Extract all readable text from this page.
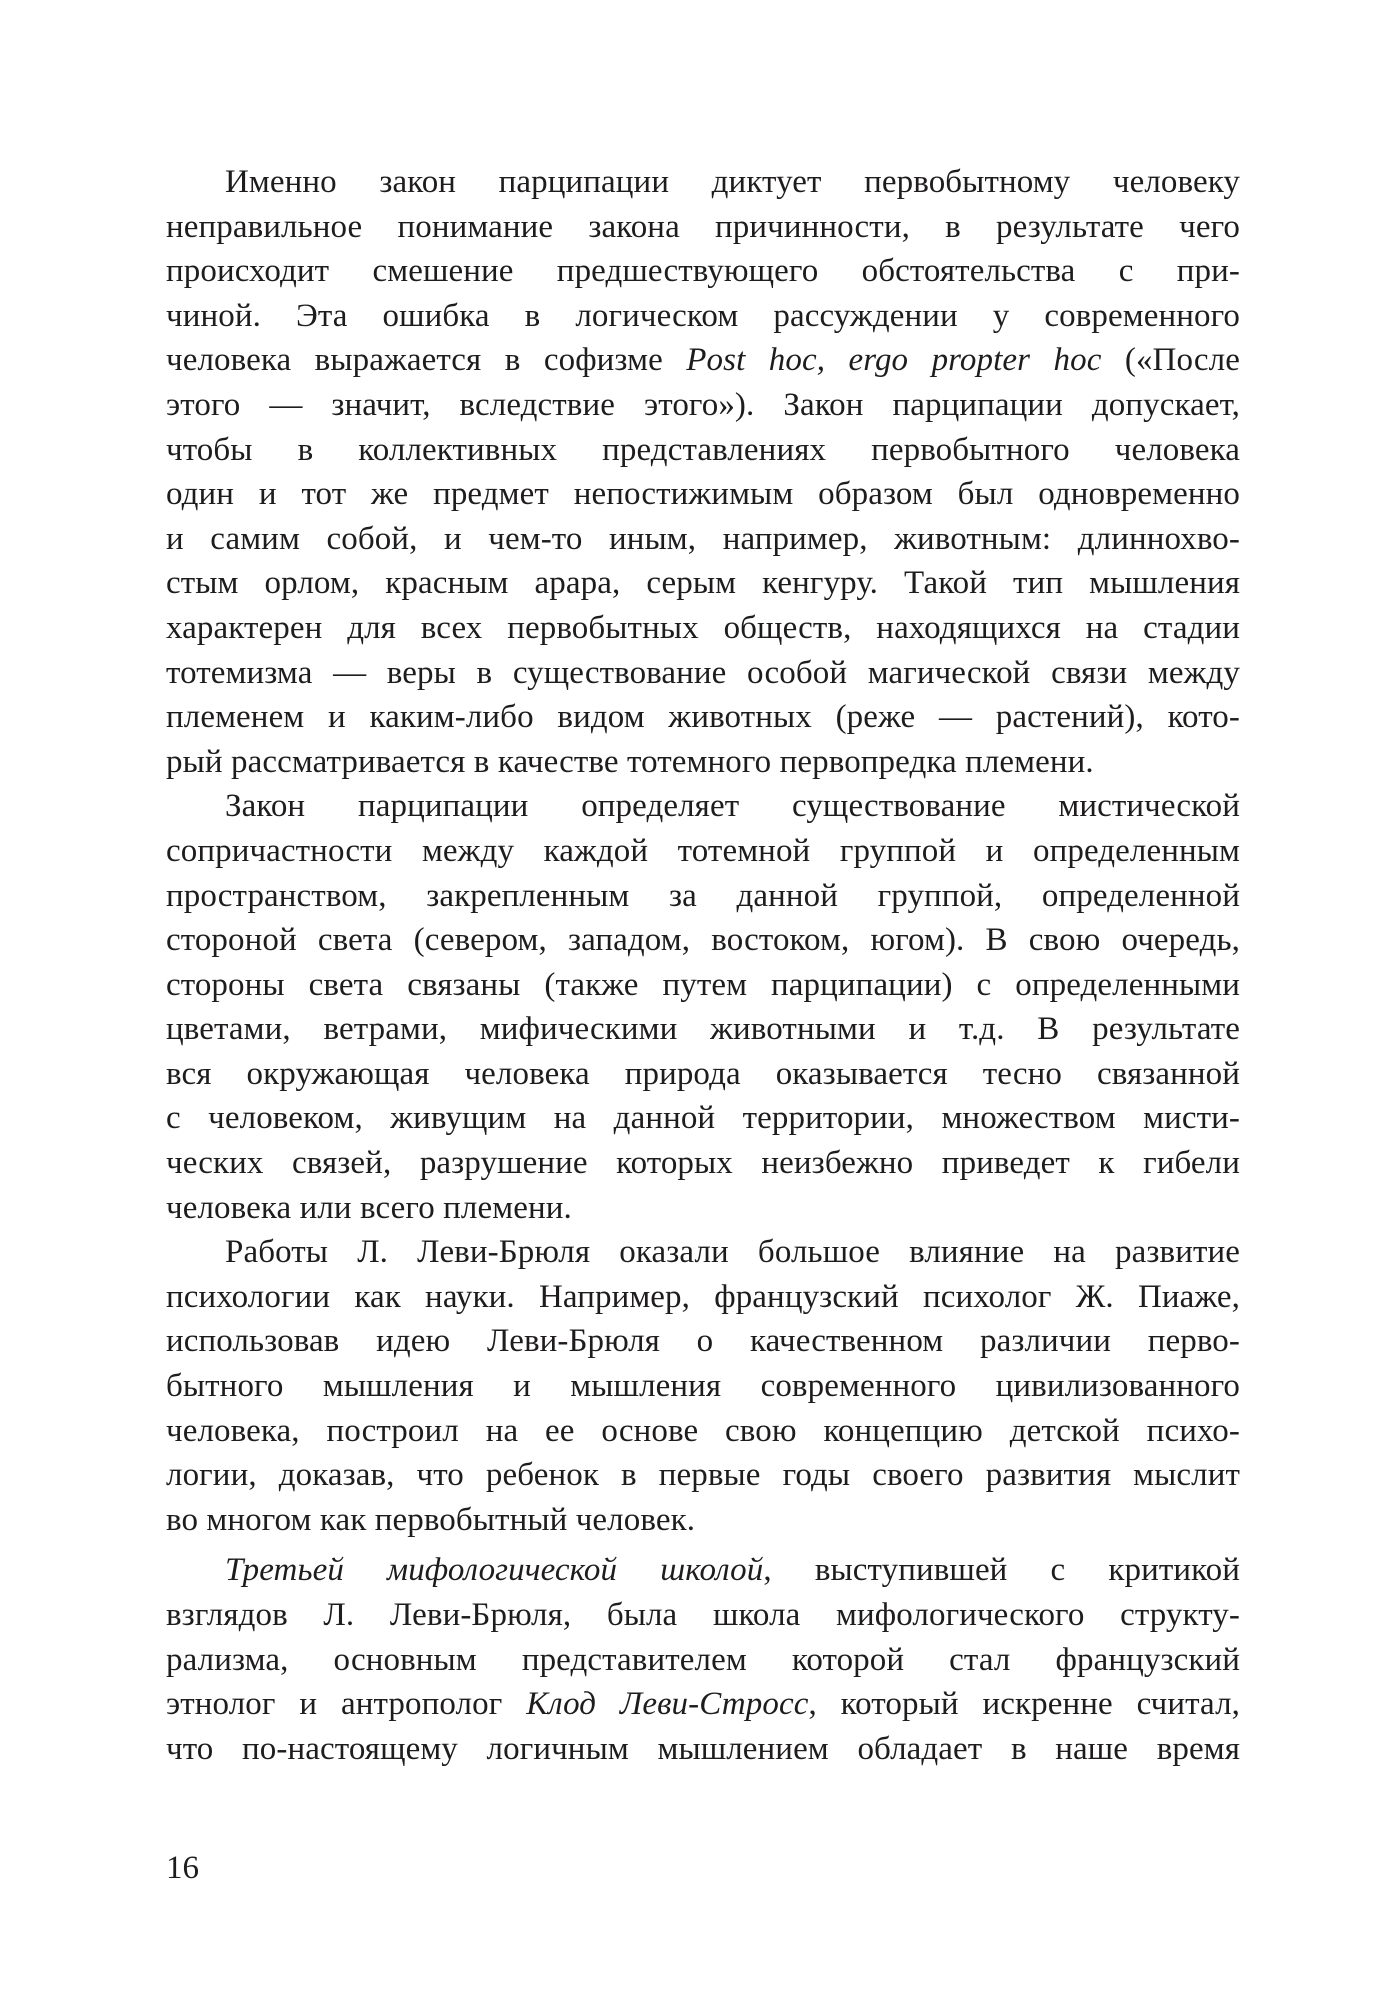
Именно закон парципации диктует первобытному человеку
неправильное понимание закона причинности, в результате чего
происходит смешение предшествующего обстоятельства с при-
чиной. Эта ошибка в логическом рассуждении у современного
человека выражается в софизме Post hoc, ergo propter hoc («После
этого — значит, вследствие этого»). Закон парципации допускает,
чтобы в коллективных представлениях первобытного человека
один и тот же предмет непостижимым образом был одновременно
и самим собой, и чем-то иным, например, животным: длиннохво-
стым орлом, красным арара, серым кенгуру. Такой тип мышления
характерен для всех первобытных обществ, находящихся на стадии
тотемизма — веры в существование особой магической связи между
племенем и каким-либо видом животных (реже — растений), кото-
рый рассматривается в качестве тотемного первопредка племени.
Закон парципации определяет существование мистической
сопричастности между каждой тотемной группой и определенным
пространством, закрепленным за данной группой, определенной
стороной света (севером, западом, востоком, югом). В свою очередь,
стороны света связаны (также путем парципации) с определенными
цветами, ветрами, мифическими животными и т.д. В результате
вся окружающая человека природа оказывается тесно связанной
с человеком, живущим на данной территории, множеством мисти-
ческих связей, разрушение которых неизбежно приведет к гибели
человека или всего племени.
Работы Л. Леви-Брюля оказали большое влияние на развитие
психологии как науки. Например, французский психолог Ж. Пиаже,
использовав идею Леви-Брюля о качественном различии перво-
бытного мышления и мышления современного цивилизованного
человека, построил на ее основе свою концепцию детской психо-
логии, доказав, что ребенок в первые годы своего развития мыслит
во многом как первобытный человек.
Третьей мифологической школой, выступившей с критикой
взглядов Л. Леви-Брюля, была школа мифологического структу-
рализма, основным представителем которой стал французский
этнолог и антрополог Клод Леви-Стросс, который искренне считал,
что по-настоящему логичным мышлением обладает в наше время
16
